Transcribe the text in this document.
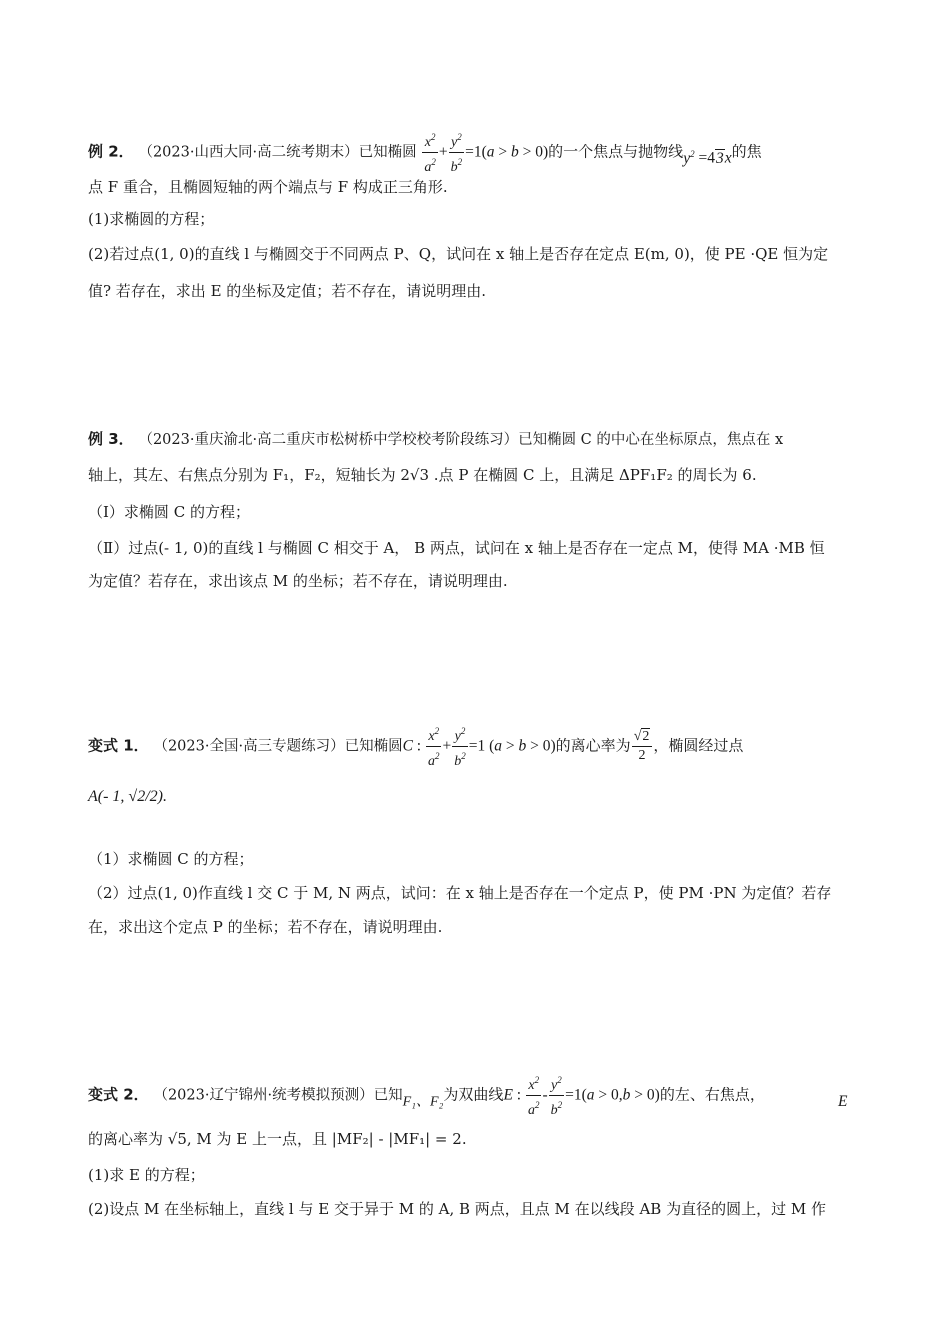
例 2． （2023·山西大同·高二统考期末）已知椭圆 $\frac{x^2}{a^2} + \frac{y^2}{b^2} =1(a > b > 0)$的一个焦点与抛物线$y^2 =43x$的焦
点 F 重合，且椭圆短轴的两个端点与 F 构成正三角形.
(1)求椭圆的方程；
(2)若过点(1, 0)的直线 l 与椭圆交于不同两点 P、Q，试问在 x 轴上是否存在定点 E(m, 0)，使 PE ·QE 恒为定
值? 若存在，求出 E 的坐标及定值；若不存在，请说明理由.
例 3． （2023·重庆渝北·高二重庆市松树桥中学校校考阶段练习）已知椭圆 C 的中心在坐标原点，焦点在 x
轴上，其左、右焦点分别为 F₁，F₂，短轴长为 2√3 .点 P 在椭圆 C 上，且满足 ΔPF₁F₂ 的周长为 6.
（I）求椭圆 C 的方程；
（Ⅱ）过点(- 1, 0)的直线 l 与椭圆 C 相交于 A， B 两点，试问在 x 轴上是否存在一定点 M，使得 MA ·MB 恒
为定值？若存在，求出该点 M 的坐标；若不存在，请说明理由.
变式 1． （2023·全国·高三专题练习）已知椭圆C : $\frac{x^2}{a^2} + \frac{y^2}{b^2} =1$ (a > b > 0)的离心率为 $\frac{√2}{2}$ ，椭圆经过点
A(- 1, √2/2).
（1）求椭圆 C 的方程；
（2）过点(1, 0)作直线 l 交 C 于 M, N 两点，试问：在 x 轴上是否存在一个定点 P，使 PM ·PN 为定值？若存
在，求出这个定点 P 的坐标；若不存在，请说明理由.
变式 2． （2023·辽宁锦州·统考模拟预测）已知F₁、F₂为双曲线E : $\frac{x^2}{a^2} - \frac{y^2}{b^2} =1(a > 0,b > 0)$的左、右焦点，	E
的离心率为 √5, M 为 E 上一点，且 |MF₂| - |MF₁| = 2.
(1)求 E 的方程；
(2)设点 M 在坐标轴上，直线 l 与 E 交于异于 M 的 A, B 两点，且点 M 在以线段 AB 为直径的圆上，过 M 作
